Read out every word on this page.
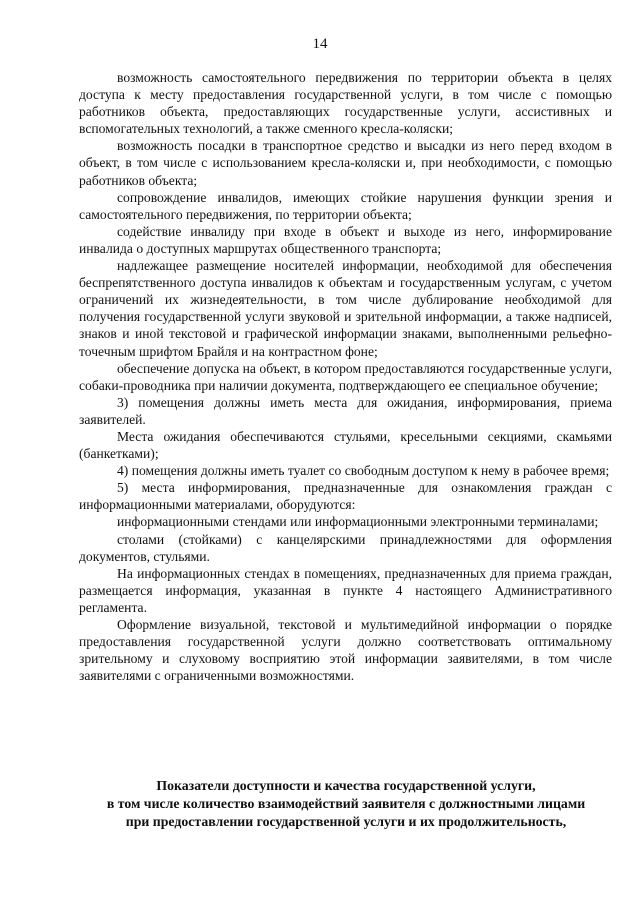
14

возможность самостоятельного передвижения по территории объекта в целях доступа к месту предоставления государственной услуги, в том числе с помощью работников объекта, предоставляющих государственные услуги, ассистивных и вспомогательных технологий, а также сменного кресла-коляски;

возможность посадки в транспортное средство и высадки из него перед входом в объект, в том числе с использованием кресла-коляски и, при необходимости, с помощью работников объекта;

сопровождение инвалидов, имеющих стойкие нарушения функции зрения и самостоятельного передвижения, по территории объекта;

содействие инвалиду при входе в объект и выходе из него, информирование инвалида о доступных маршрутах общественного транспорта;

надлежащее размещение носителей информации, необходимой для обеспечения беспрепятственного доступа инвалидов к объектам и государственным услугам, с учетом ограничений их жизнедеятельности, в том числе дублирование необходимой для получения государственной услуги звуковой и зрительной информации, а также надписей, знаков и иной текстовой и графической информации знаками, выполненными рельефно-точечным шрифтом Брайля и на контрастном фоне;

обеспечение допуска на объект, в котором предоставляются государственные услуги, собаки-проводника при наличии документа, подтверждающего ее специальное обучение;

3) помещения должны иметь места для ожидания, информирования, приема заявителей.

Места ожидания обеспечиваются стульями, кресельными секциями, скамьями (банкетками);

4) помещения должны иметь туалет со свободным доступом к нему в рабочее время;

5) места информирования, предназначенные для ознакомления граждан с информационными материалами, оборудуются:

информационными стендами или информационными электронными терминалами;

столами (стойками) с канцелярскими принадлежностями для оформления документов, стульями.

На информационных стендах в помещениях, предназначенных для приема граждан, размещается информация, указанная в пункте 4 настоящего Административного регламента.

Оформление визуальной, текстовой и мультимедийной информации о порядке предоставления государственной услуги должно соответствовать оптимальному зрительному и слуховому восприятию этой информации заявителями, в том числе заявителями с ограниченными возможностями.

Показатели доступности и качества государственной услуги,
в том числе количество взаимодействий заявителя с должностными лицами
при предоставлении государственной услуги и их продолжительность,
